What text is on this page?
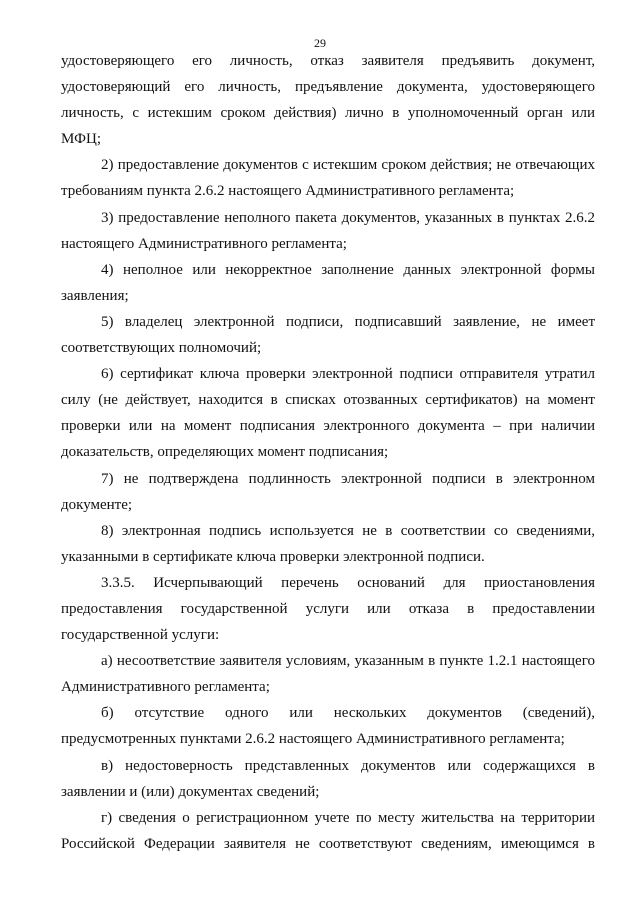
29

удостоверяющего его личность, отказ заявителя предъявить документ, удостоверяющий его личность, предъявление документа, удостоверяющего личность, с истекшим сроком действия) лично в уполномоченный орган или МФЦ;

2) предоставление документов с истекшим сроком действия; не отвечающих требованиям пункта 2.6.2 настоящего Административного регламента;

3) предоставление неполного пакета документов, указанных в пунктах 2.6.2 настоящего Административного регламента;

4) неполное или некорректное заполнение данных электронной формы заявления;

5) владелец электронной подписи, подписавший заявление, не имеет соответствующих полномочий;

6) сертификат ключа проверки электронной подписи отправителя утратил силу (не действует, находится в списках отозванных сертификатов) на момент проверки или на момент подписания электронного документа – при наличии доказательств, определяющих момент подписания;

7) не подтверждена подлинность электронной подписи в электронном документе;

8) электронная подпись используется не в соответствии со сведениями, указанными в сертификате ключа проверки электронной подписи.

3.3.5. Исчерпывающий перечень оснований для приостановления предоставления государственной услуги или отказа в предоставлении государственной услуги:

а) несоответствие заявителя условиям, указанным в пункте 1.2.1 настоящего Административного регламента;

б) отсутствие одного или нескольких документов (сведений), предусмотренных пунктами 2.6.2 настоящего Административного регламента;

в) недостоверность представленных документов или содержащихся в заявлении и (или) документах сведений;

г) сведения о регистрационном учете по месту жительства на территории Российской Федерации заявителя не соответствуют сведениям, имеющимся в
